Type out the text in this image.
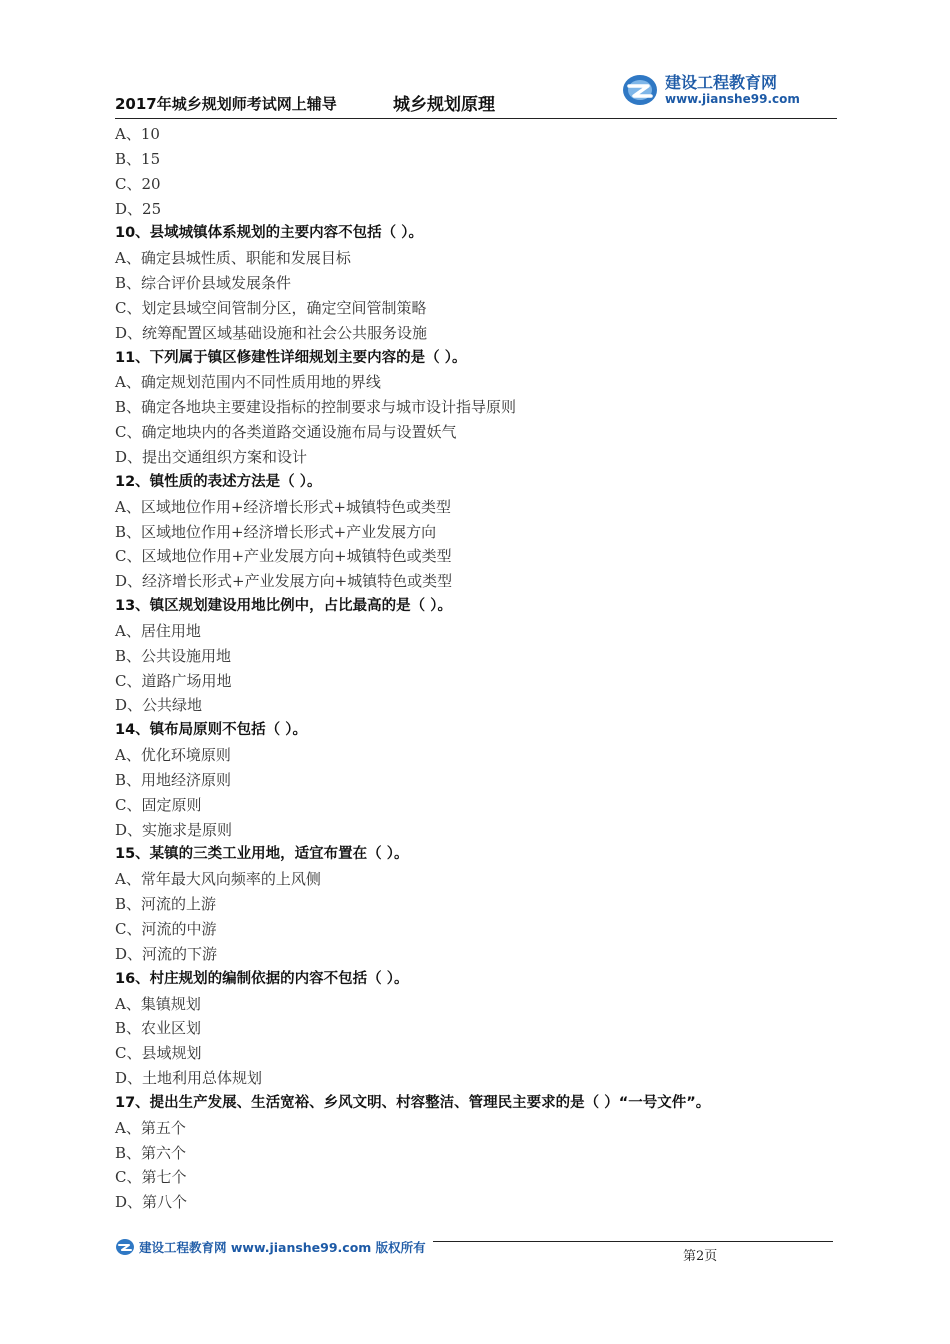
2017年城乡规划师考试网上辅导	城乡规划原理
建设工程教育网
www.jianshe99.com
A、10
B、15
C、20
D、25
10、县域城镇体系规划的主要内容不包括（ ）。
A、确定县城性质、职能和发展目标
B、综合评价县域发展条件
C、划定县域空间管制分区，确定空间管制策略
D、统筹配置区域基础设施和社会公共服务设施
11、下列属于镇区修建性详细规划主要内容的是（ ）。
A、确定规划范围内不同性质用地的界线
B、确定各地块主要建设指标的控制要求与城市设计指导原则
C、确定地块内的各类道路交通设施布局与设置妖气
D、提出交通组织方案和设计
12、镇性质的表述方法是（ ）。
A、区域地位作用+经济增长形式+城镇特色或类型
B、区域地位作用+经济增长形式+产业发展方向
C、区域地位作用+产业发展方向+城镇特色或类型
D、经济增长形式+产业发展方向+城镇特色或类型
13、镇区规划建设用地比例中，占比最高的是（ ）。
A、居住用地
B、公共设施用地
C、道路广场用地
D、公共绿地
14、镇布局原则不包括（ ）。
A、优化环境原则
B、用地经济原则
C、固定原则
D、实施求是原则
15、某镇的三类工业用地，适宜布置在（ ）。
A、常年最大风向频率的上风侧
B、河流的上游
C、河流的中游
D、河流的下游
16、村庄规划的编制依据的内容不包括（ ）。
A、集镇规划
B、农业区划
C、县域规划
D、土地利用总体规划
17、提出生产发展、生活宽裕、乡风文明、村容整洁、管理民主要求的是（ ）“一号文件”。
A、第五个
B、第六个
C、第七个
D、第八个
建设工程教育网 www.jianshe99.com 版权所有
第2页
